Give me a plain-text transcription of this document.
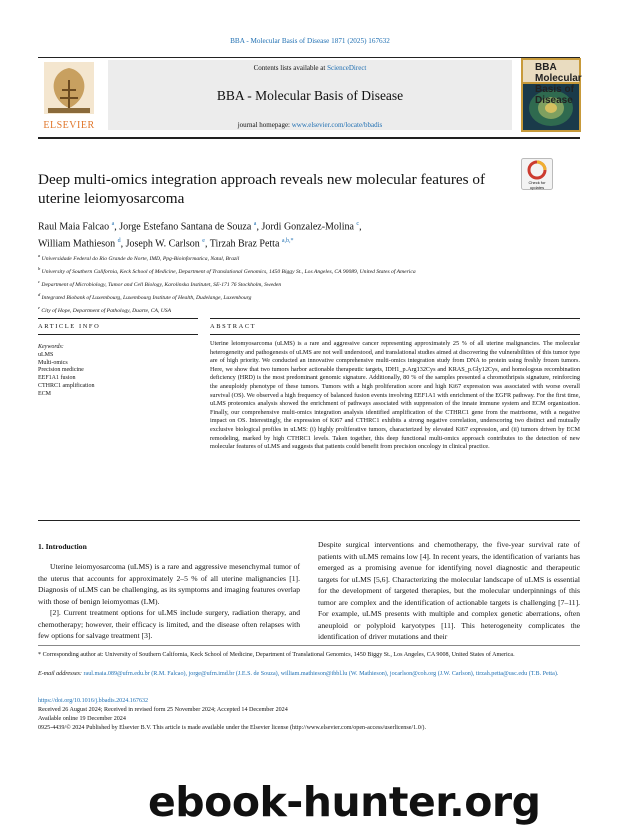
BBA - Molecular Basis of Disease 1871 (2025) 167632
Contents lists available at ScienceDirect
BBA - Molecular Basis of Disease
journal homepage: www.elsevier.com/locate/bbadis
ELSEVIER
BBA Molecular Basis of Disease
Deep multi-omics integration approach reveals new molecular features of uterine leiomyosarcoma
Check for updates
Raul Maia Falcao $^a$, Jorge Estefano Santana de Souza $^a$, Jordi Gonzalez-Molina $^c$,
William Mathieson $^d$, Joseph W. Carlson $^e$, Tirzah Braz Petta $^{a,b,*}$
$^a$ Universidade Federal do Rio Grande do Norte, IMD, Ppg-Bioinformatica, Natal, Brazil
$^b$ University of Southern California, Keck School of Medicine, Department of Translational Genomics, 1450 Biggy St., Los Angeles, CA 90089, United States of America
$^c$ Department of Microbiology, Tumor and Cell Biology, Karolinska Institutet, SE-171 76 Stockholm, Sweden
$^d$ Integrated Biobank of Luxembourg, Luxembourg Institute of Health, Dudelange, Luxembourg
$^e$ City of Hope, Department of Pathology, Duarte, CA, USA
ARTICLE INFO
Keywords:
uLMS
Multi-omics
Precision medicine
EEF1A1 fusion
CTHRC1 amplification
ECM
ABSTRACT
Uterine leiomyosarcoma (uLMS) is a rare and aggressive cancer representing approximately 25 % of all uterine malignancies. The molecular heterogeneity and pathogenesis of uLMS are not well understood, and translational studies aimed at discovering the vulnerabilities of this tumor type are of high priority. We conducted an innovative comprehensive multi-omics integration study from DNA to protein using freshly frozen tumors. Here, we show that two tumors harbor actionable therapeutic targets, IDH1_p.Arg132Cys and KRAS_p.Gly12Cys, and homologous recombination deficiency (HRD) is the most predominant genomic signature. Additionally, 80 % of the samples presented a chromothripsis signature, reinforcing the aneuploidy phenotype of these tumors. Tumors with a high proliferation score and high Ki67 expression was associated with worse overall survival (OS). We observed a high frequency of balanced fusion events involving EEF1A1 with enrichment of the EGFR pathway. For the first time, uLMS proteomics analysis showed the enrichment of pathways associated with suppression of the innate immune system and ECM organization. Finally, our comprehensive multi-omics integration analysis identified amplification of the CTHRC1 gene from the matrisome, with a negative impact on OS. Interestingly, the expression of Ki67 and CTHRC1 exhibits a strong negative correlation, underscoring two distinct and mutually exclusive biological profiles in uLMS: (i) highly proliferative tumors, characterized by elevated Ki67 expression, and (ii) tumors driven by ECM remodeling, marked by high CTHRC1 levels. Taken together, this deep functional multi-omics approach contributes to the detection of new molecular features of uLMS and suggests that patients could benefit from precision oncology in clinical practice.
1. Introduction
Uterine leiomyosarcoma (uLMS) is a rare and aggressive mesenchymal tumor of the uterus that accounts for approximately 2–5 % of all uterine malignancies [1]. Diagnosis of uLMS can be challenging, as its symptoms and imaging features overlap with those of benign leiomyomas (LM).
[2]. Current treatment options for uLMS include surgery, radiation therapy, and chemotherapy; however, their efficacy is limited, and the disease often relapses with few options for salvage treatment [3].
Despite surgical interventions and chemotherapy, the five-year survival rate of patients with uLMS remains low [4]. In recent years, the identification of variants has emerged as a promising avenue for identifying novel diagnostic and therapeutic targets for uLMS [5,6]. Characterizing the molecular landscape of uLMS is essential for the development of targeted therapies, but the molecular underpinnings of this tumor are complex and the identification of actionable targets is challenging [7–11]. For example, uLMS presents with multiple and complex genetic aberrations, often aneuploid or polyploid karyotypes [11]. This heterogeneity complicates the identification of driver mutations and their
* Corresponding author at: University of Southern California, Keck School of Medicine, Department of Translational Genomics, 1450 Biggy St., Los Angeles, CA 9008, United States of America.
E-mail addresses: raul.maia.089@ufrn.edu.br (R.M. Falcao), jorge@ufrn.imd.br (J.E.S. de Souza), william.mathieson@ibbl.lu (W. Mathieson), jocarlson@coh.org (J.W. Carlson), tirzah.petta@usc.edu (T.B. Petta).
https://doi.org/10.1016/j.bbadis.2024.167632
Received 26 August 2024; Received in revised form 25 November 2024; Accepted 14 December 2024
Available online 19 December 2024
0925-4439/© 2024 Published by Elsevier B.V. This article is made available under the Elsevier license (http://www.elsevier.com/open-access/userlicense/1.0/).
ebook-hunter.org
